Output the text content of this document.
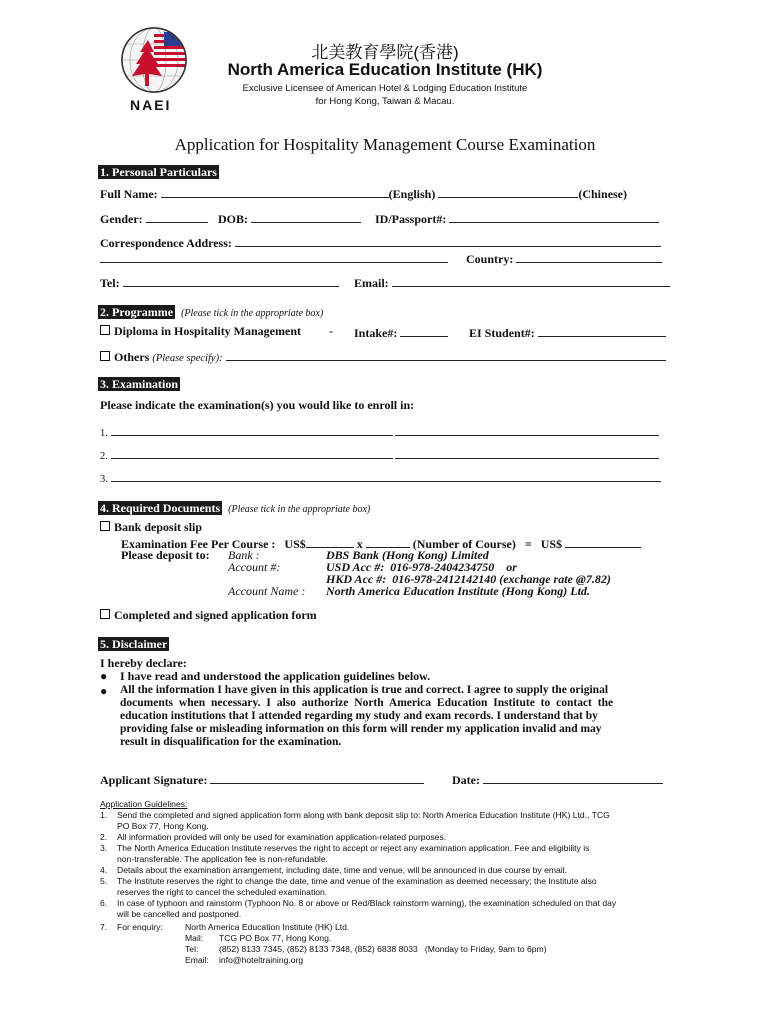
NAEI
北美教育學院(香港)
North America Education Institute (HK)
Exclusive Licensee of American Hotel & Lodging Education Institute
for Hong Kong, Taiwan & Macau.
Application for Hospitality Management Course Examination
1. Personal Particulars
Full Name:	(English)	(Chinese)
Gender:	DOB:	ID/Passport#:
Correspondence Address:
Country:
Tel:	Email:
2. Programme (Please tick in the appropriate box)
Diploma in Hospitality Management - Intake#:	EI Student#:
Others (Please specify):
3. Examination
Please indicate the examination(s) you would like to enroll in:
1.
2.
3.
4. Required Documents (Please tick in the appropriate box)
Bank deposit slip
Examination Fee Per Course : US$	x	(Number of Course) = US$
Please deposit to: Bank :	DBS Bank (Hong Kong) Limited
Account #:	USD Acc #:  016-978-2404234750    or
HKD Acc #:  016-978-2412142140 (exchange rate @7.82)
Account Name : North America Education Institute (Hong Kong) Ltd.
Completed and signed application form
5. Disclaimer
I hereby declare:
● I have read and understood the application guidelines below.
● All the information I have given in this application is true and correct. I agree to supply the original
documents when necessary. I also authorize North America Education Institute to contact the
education institutions that I attended regarding my study and exam records. I understand that by
providing false or misleading information on this form will render my application invalid and may
result in disqualification for the examination.
Applicant Signature:	Date:
Application Guidelines:
1. Send the completed and signed application form along with bank deposit slip to: North America Education Institute (HK) Ltd., TCG
PO Box 77, Hong Kong.
2. All information provided will only be used for examination application-related purposes.
3. The North America Education Institute reserves the right to accept or reject any examination application. Fee and eligibility is
non-transferable. The application fee is non-refundable.
4. Details about the examination arrangement, including date, time and venue, will be announced in due course by email.
5. The Institute reserves the right to change the date, time and venue of the examination as deemed necessary; the Institute also
reserves the right to cancel the scheduled examination.
6. In case of typhoon and rainstorm (Typhoon No. 8 or above or Red/Black rainstorm warning), the examination scheduled on that day
will be cancelled and postponed.
7. For enquiry:	North America Education Institute (HK) Ltd.
Mail: TCG PO Box 77, Hong Kong.
Tel: (852) 8133 7345, (852) 8133 7348, (852) 6838 8033   (Monday to Friday, 9am to 6pm)
Email: info@hoteltraining.org
